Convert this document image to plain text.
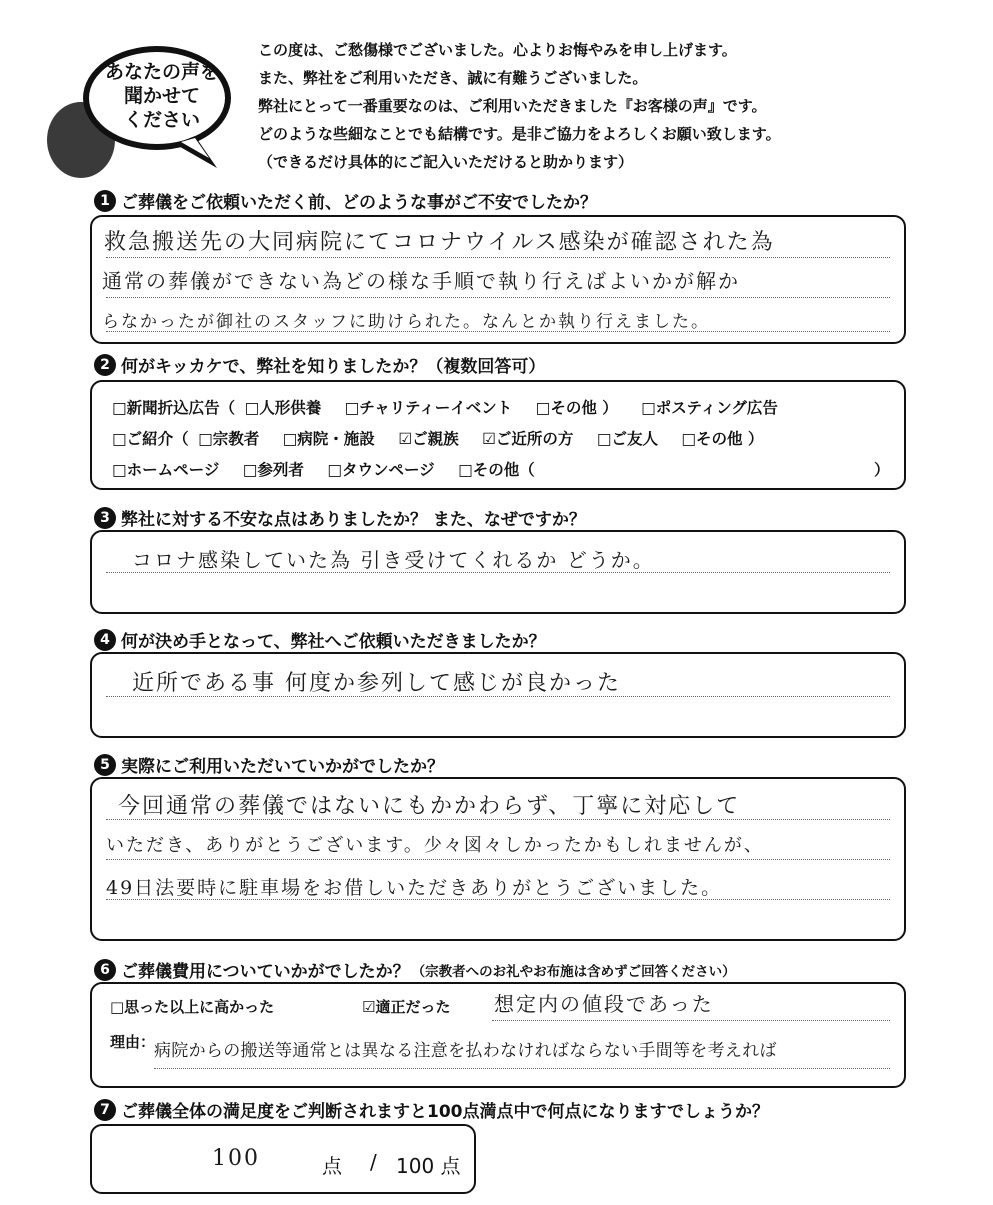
あなたの声を
聞かせて
ください
この度は、ご愁傷様でございました。心よりお悔やみを申し上げます。
また、弊社をご利用いただき、誠に有難うございました。
弊社にとって一番重要なのは、ご利用いただきました『お客様の声』です。
どのような些細なことでも結構です。是非ご協力をよろしくお願い致します。
（できるだけ具体的にご記入いただけると助かります）
1 ご葬儀をご依頼いただく前、どのような事がご不安でしたか？
救急搬送先の大同病院にてコロナウイルス感染が確認された為
通常の葬儀ができない為どの様な手順で執り行えばよいかが解か
らなかったが御社のスタッフに助けられた。なんとか執り行えました。
2 何がキッカケで、弊社を知りましたか？（複数回答可）
□新聞折込広告（ □人形供養 □チャリティーイベント □その他 ） □ポスティング広告
□ご紹介（ □宗教者 □病院・施設 ☑ご親族 ☑ご近所の方 □ご友人 □その他 ）
□ホームページ □参列者 □タウンページ □その他（	）
3 弊社に対する不安な点はありましたか？ また、なぜですか？
コロナ感染していた為 引き受けてくれるか どうか。
4 何が決め手となって、弊社へご依頼いただきましたか？
近所である事 何度か参列して感じが良かった
5 実際にご利用いただいていかがでしたか？
今回通常の葬儀ではないにもかかわらず、丁寧に対応して
いただき、ありがとうございます。少々図々しかったかもしれませんが、
49日法要時に駐車場をお借しいただきありがとうございました。
6 ご葬儀費用についていかがでしたか？ （宗教者へのお礼やお布施は含めずご回答ください）
□思った以上に高かった	☑適正だった 想定内の値段であった
理由：
病院からの搬送等通常とは異なる注意を払わなければならない手間等を考えれば
7 ご葬儀全体の満足度をご判断されますと100点満点中で何点になりますでしょうか？
100	点 / 100 点
